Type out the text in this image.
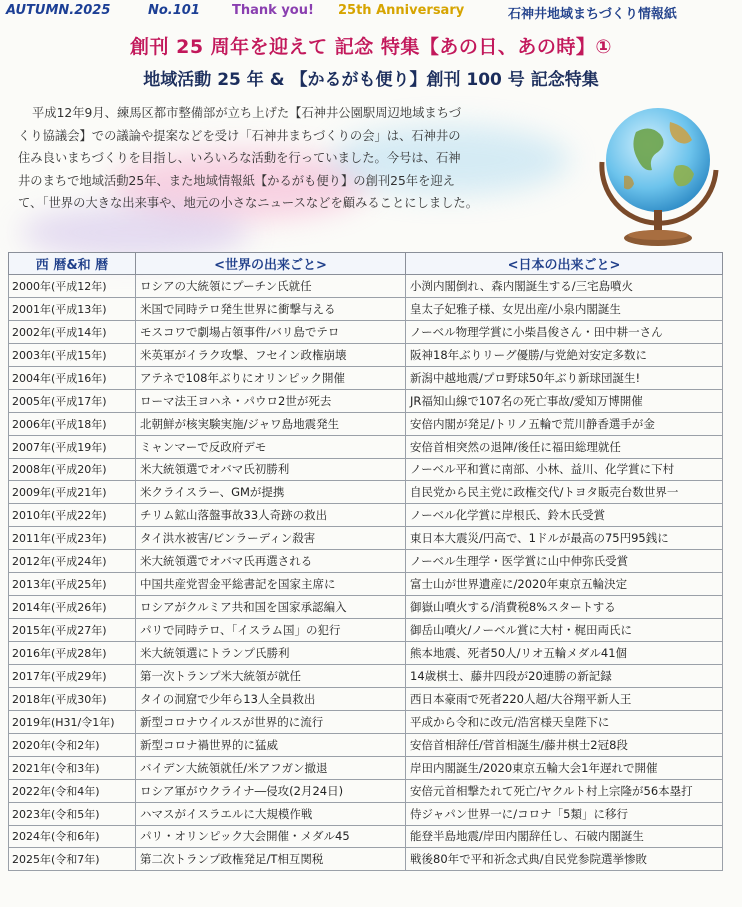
AUTUMN.2025	No.101 Thank you! 25th Anniversary	石神井地域まちづくり情報紙
創刊 25 周年を迎えて 記念 特集【あの日、あの時】①
地域活動 25 年 & 【かるがも便り】創刊 100 号 記念特集
平成12年9月、練馬区都市整備部が立ち上げた【石神井公園駅周辺地域まちづ
くり協議会】での議論や提案などを受け「石神井まちづくりの会」は、石神井の
住み良いまちづくりを目指し、いろいろな活動を行っていました。今号は、石神
井のまちで地域活動25年、また地域情報紙【かるがも便り】の創刊25年を迎え
て、「世界の大きな出来事や、地元の小さなニュースなどを顧みることにしました。
西 暦&和 暦	<世界の出来ごと>	<日本の出来ごと>
2000年(平成12年)	ロシアの大統領にプーチン氏就任	小渕内閣倒れ、森内閣誕生する/三宅島噴火
2001年(平成13年)	米国で同時テロ発生世界に衝撃与える	皇太子妃雅子様、女児出産/小泉内閣誕生
2002年(平成14年)	モスコワで劇場占領事件/バリ島でテロ	ノーベル物理学賞に小柴昌俊さん・田中耕一さん
2003年(平成15年)	米英軍がイラク攻撃、フセイン政権崩壊	阪神18年ぶりリーグ優勝/与党絶対安定多数に
2004年(平成16年)	アテネで108年ぶりにオリンピック開催	新潟中越地震/プロ野球50年ぶり新球団誕生!
2005年(平成17年)	ローマ法王ヨハネ・パウロ2世が死去	JR福知山線で107名の死亡事故/愛知万博開催
2006年(平成18年)	北朝鮮が核実験実施/ジャワ島地震発生	安倍内閣が発足/トリノ五輪で荒川静香選手が金
2007年(平成19年)	ミャンマーで反政府デモ	安倍首相突然の退陣/後任に福田総理就任
2008年(平成20年)	米大統領選でオバマ氏初勝利	ノーベル平和賞に南部、小林、益川、化学賞に下村
2009年(平成21年)	米クライスラー、GMが提携	自民党から民主党に政権交代/トヨタ販売台数世界一
2010年(平成22年)	チリム鉱山落盤事故33人奇跡の救出	ノーベル化学賞に岸根氏、鈴木氏受賞
2011年(平成23年)	タイ洪水被害/ビンラーディン殺害	東日本大震災/円高で、1ドルが最高の75円95銭に
2012年(平成24年)	米大統領選でオバマ氏再選される	ノーベル生理学・医学賞に山中伸弥氏受賞
2013年(平成25年)	中国共産党習金平総書記を国家主席に	富士山が世界遺産に/2020年東京五輪決定
2014年(平成26年)	ロシアがクルミア共和国を国家承認編入	御嶽山噴火する/消費税8%スタートする
2015年(平成27年)	パリで同時テロ、「イスラム国」の犯行	御岳山噴火/ノーベル賞に大村・梶田両氏に
2016年(平成28年)	米大統領選にトランプ氏勝利	熊本地震、死者50人/リオ五輪メダル41個
2017年(平成29年)	第一次トランプ米大統領が就任	14歳棋士、藤井四段が20連勝の新記録
2018年(平成30年)	タイの洞窟で少年ら13人全員救出	西日本豪雨で死者220人超/大谷翔平新人王
2019年(H31/令1年)	新型コロナウイルスが世界的に流行	平成から令和に改元/浩宮様天皇陛下に
2020年(令和2年)	新型コロナ禍世界的に猛威	安倍首相辞任/菅首相誕生/藤井棋士2冠8段
2021年(令和3年)	バイデン大統領就任/米アフガン撤退	岸田内閣誕生/2020東京五輪大会1年遅れで開催
2022年(令和4年)	ロシア軍がウクライナ―侵攻(2月24日)	安倍元首相撃たれて死亡/ヤクルト村上宗隆が56本塁打
2023年(令和5年)	ハマスがイスラエルに大規模作戦	侍ジャパン世界一に/コロナ「5類」に移行
2024年(令和6年)	パリ・オリンピック大会開催・メダル45	能登半島地震/岸田内閣辞任し、石破内閣誕生
2025年(令和7年)	第二次トランプ政権発足/T相互関税	戦後80年で平和祈念式典/自民党参院選挙惨敗
